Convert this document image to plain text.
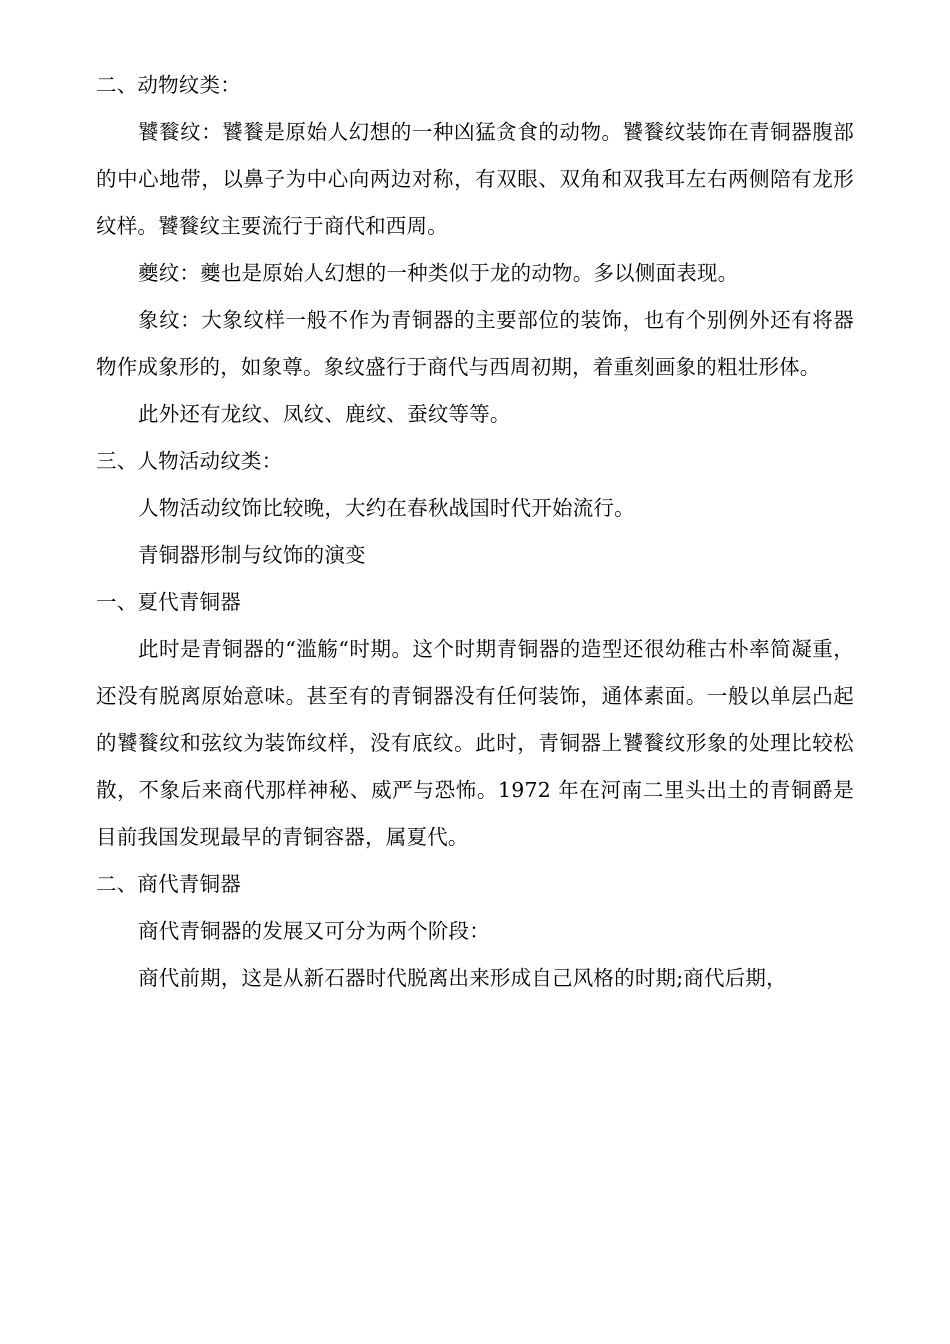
二、动物纹类：

饕餮纹：饕餮是原始人幻想的一种凶猛贪食的动物。饕餮纹装饰在青铜器腹部的中心地带，以鼻子为中心向两边对称，有双眼、双角和双我耳左右两侧陪有龙形纹样。饕餮纹主要流行于商代和西周。

夔纹：夔也是原始人幻想的一种类似于龙的动物。多以侧面表现。

象纹：大象纹样一般不作为青铜器的主要部位的装饰，也有个别例外还有将器物作成象形的，如象尊。象纹盛行于商代与西周初期，着重刻画象的粗壮形体。

此外还有龙纹、凤纹、鹿纹、蚕纹等等。

三、人物活动纹类：

人物活动纹饰比较晚，大约在春秋战国时代开始流行。

青铜器形制与纹饰的演变

一、夏代青铜器

此时是青铜器的“滥觞“时期。这个时期青铜器的造型还很幼稚古朴率简凝重，还没有脱离原始意味。甚至有的青铜器没有任何装饰，通体素面。一般以单层凸起的饕餮纹和弦纹为装饰纹样，没有底纹。此时，青铜器上饕餮纹形象的处理比较松散，不象后来商代那样神秘、威严与恐怖。1972 年在河南二里头出土的青铜爵是目前我国发现最早的青铜容器，属夏代。

二、商代青铜器

商代青铜器的发展又可分为两个阶段：

商代前期，这是从新石器时代脱离出来形成自己风格的时期;商代后期，
